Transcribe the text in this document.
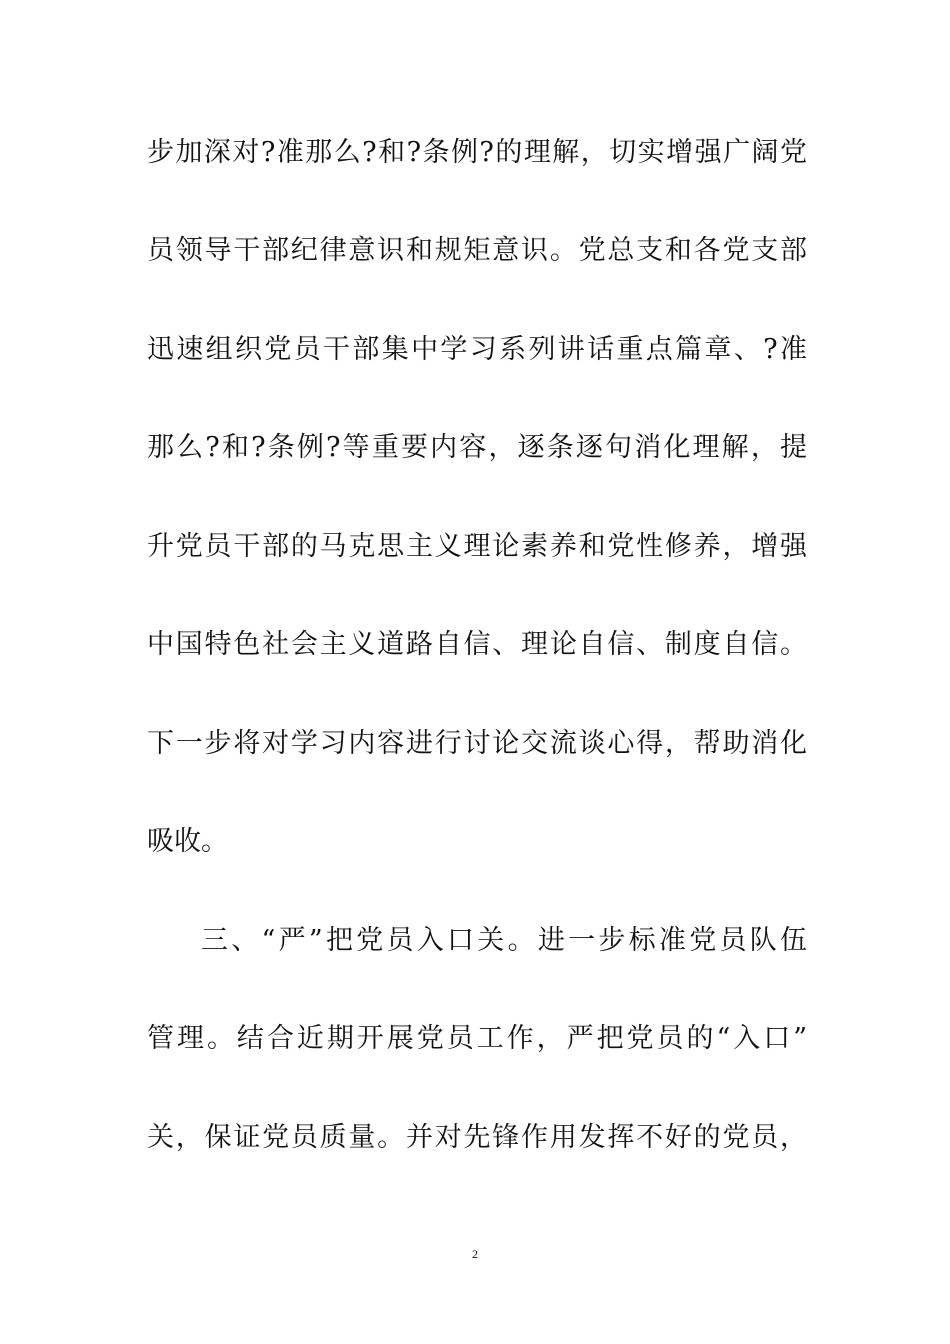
步加深对?准那么?和?条例?的理解，切实增强广阔党
员领导干部纪律意识和规矩意识。党总支和各党支部
迅速组织党员干部集中学习系列讲话重点篇章、?准
那么?和?条例?等重要内容，逐条逐句消化理解，提
升党员干部的马克思主义理论素养和党性修养，增强
中国特色社会主义道路自信、理论自信、制度自信。
下一步将对学习内容进行讨论交流谈心得，帮助消化
吸收。
三、“严”把党员入口关。进一步标准党员队伍
管理。结合近期开展党员工作，严把党员的“入口”
关，保证党员质量。并对先锋作用发挥不好的党员，
2
